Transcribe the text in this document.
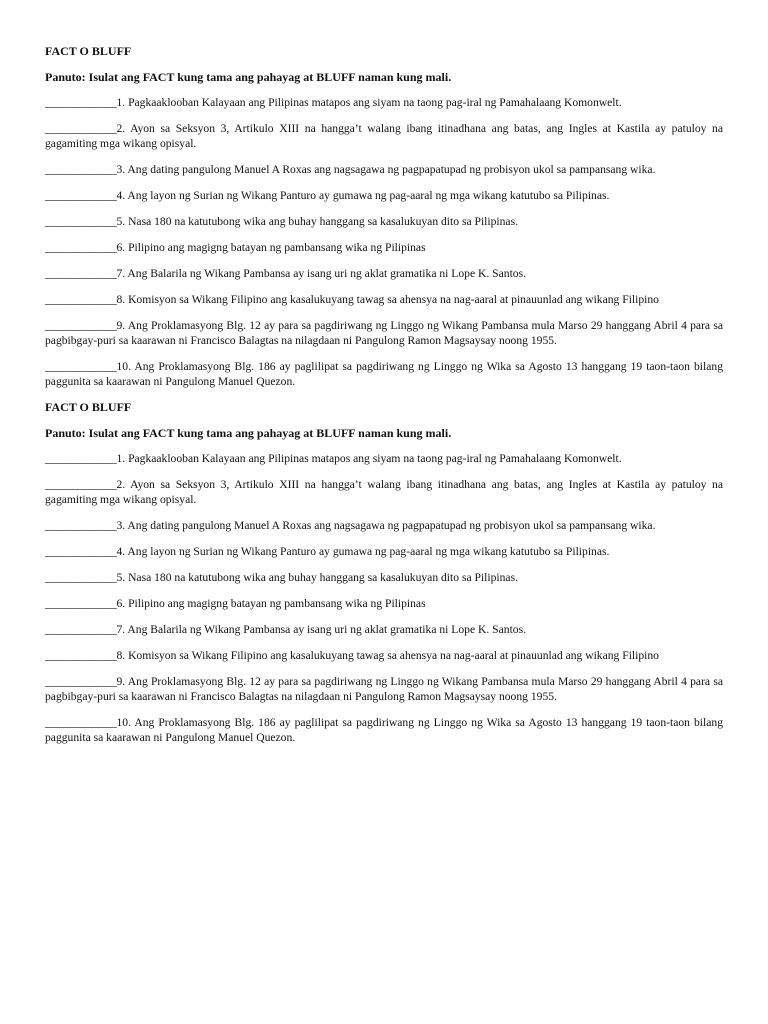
FACT O BLUFF

Panuto: Isulat ang FACT kung tama ang pahayag at BLUFF naman kung mali.

_____________1. Pagkaaklooban Kalayaan ang Pilipinas matapos ang siyam na taong pag-iral ng Pamahalaang Komonwelt.

_____________2. Ayon sa Seksyon 3, Artikulo XIII na hangga’t walang ibang itinadhana ang batas, ang Ingles at Kastila ay patuloy na gagamiting mga wikang opisyal.

_____________3. Ang dating pangulong Manuel A Roxas ang nagsagawa ng pagpapatupad ng probisyon ukol sa pampansang wika.

_____________4. Ang layon ng Surian ng Wikang Panturo ay gumawa ng pag-aaral ng mga wikang katutubo sa Pilipinas.

_____________5. Nasa 180 na katutubong wika ang buhay hanggang sa kasalukuyan dito sa Pilipinas.

_____________6. Pilipino ang magigng batayan ng pambansang wika ng Pilipinas

_____________7. Ang Balarila ng Wikang Pambansa ay isang uri ng aklat gramatika ni Lope K. Santos.

_____________8. Komisyon sa Wikang Filipino ang kasalukuyang tawag sa ahensya na nag-aaral at pinauunlad ang wikang Filipino

_____________9. Ang Proklamasyong Blg. 12 ay para sa pagdiriwang ng Linggo ng Wikang Pambansa mula Marso 29 hanggang Abril 4 para sa pagbibgay-puri sa kaarawan ni Francisco Balagtas na nilagdaan ni Pangulong Ramon Magsaysay noong 1955.

_____________10. Ang Proklamasyong Blg. 186 ay paglilipat sa pagdiriwang ng Linggo ng Wika sa Agosto 13 hanggang 19 taon-taon bilang paggunita sa kaarawan ni Pangulong Manuel Quezon.

FACT O BLUFF

Panuto: Isulat ang FACT kung tama ang pahayag at BLUFF naman kung mali.

_____________1. Pagkaaklooban Kalayaan ang Pilipinas matapos ang siyam na taong pag-iral ng Pamahalaang Komonwelt.

_____________2. Ayon sa Seksyon 3, Artikulo XIII na hangga’t walang ibang itinadhana ang batas, ang Ingles at Kastila ay patuloy na gagamiting mga wikang opisyal.

_____________3. Ang dating pangulong Manuel A Roxas ang nagsagawa ng pagpapatupad ng probisyon ukol sa pampansang wika.

_____________4. Ang layon ng Surian ng Wikang Panturo ay gumawa ng pag-aaral ng mga wikang katutubo sa Pilipinas.

_____________5. Nasa 180 na katutubong wika ang buhay hanggang sa kasalukuyan dito sa Pilipinas.

_____________6. Pilipino ang magigng batayan ng pambansang wika ng Pilipinas

_____________7. Ang Balarila ng Wikang Pambansa ay isang uri ng aklat gramatika ni Lope K. Santos.

_____________8. Komisyon sa Wikang Filipino ang kasalukuyang tawag sa ahensya na nag-aaral at pinauunlad ang wikang Filipino

_____________9. Ang Proklamasyong Blg. 12 ay para sa pagdiriwang ng Linggo ng Wikang Pambansa mula Marso 29 hanggang Abril 4 para sa pagbibgay-puri sa kaarawan ni Francisco Balagtas na nilagdaan ni Pangulong Ramon Magsaysay noong 1955.

_____________10. Ang Proklamasyong Blg. 186 ay paglilipat sa pagdiriwang ng Linggo ng Wika sa Agosto 13 hanggang 19 taon-taon bilang paggunita sa kaarawan ni Pangulong Manuel Quezon.
